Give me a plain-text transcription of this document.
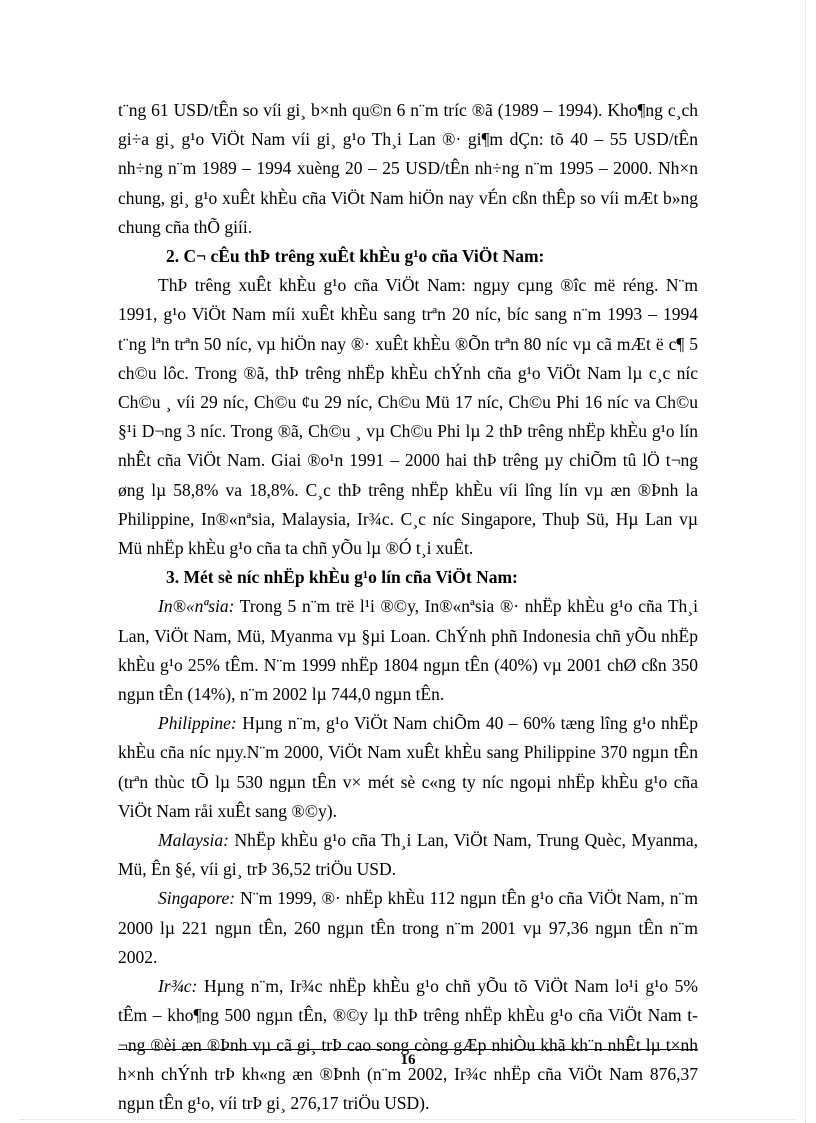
t¨ng 61 USD/tÊn so víi gi¸ b×nh qu©n 6 n¨m tríc ®ã (1989 – 1994). Kho¶ng c¸ch gi÷a gi¸ g¹o ViÖt Nam víi gi¸ g¹o Th¸i Lan ®· gi¶m dÇn: tõ 40 – 55 USD/tÊn nh÷ng n¨m 1989 – 1994 xuèng 20 – 25 USD/tÊn nh÷ng n¨m 1995 – 2000. Nh×n chung, gi¸ g¹o xuÊt khÈu cña ViÖt Nam hiÖn nay vÉn cßn thÊp so víi mÆt b»ng chung cña thÕ giíi.

2. C¬ cÊu thÞ trêng xuÊt khÈu g¹o cña ViÖt Nam:

ThÞ trêng xuÊt khÈu g¹o cña ViÖt Nam: ngµy cµng ®îc më réng. N¨m 1991, g¹o ViÖt Nam míi xuÊt khÈu sang trªn 20 níc, bíc sang n¨m 1993 – 1994 t¨ng lªn trªn 50 níc, vµ hiÖn nay ®· xuÊt khÈu ®Õn trªn 80 níc vµ cã mÆt ë c¶ 5 ch©u lôc. Trong ®ã, thÞ trêng nhËp khÈu chÝnh cña g¹o ViÖt Nam lµ c¸c níc Ch©u ¸ víi 29 níc, Ch©u ¢u 29 níc, Ch©u Mü 17 níc, Ch©u Phi 16 níc va Ch©u §¹i D¬ng 3 níc. Trong ®ã, Ch©u ¸ vµ Ch©u Phi lµ 2 thÞ trêng nhËp khÈu g¹o lín nhÊt cña ViÖt Nam. Giai ®o¹n 1991 – 2000 hai thÞ trêng µy chiÕm tû lÖ t¬ng øng lµ 58,8% va 18,8%. C¸c thÞ trêng nhËp khÈu víi lîng lín vµ æn ®Þnh la Philippine, In®«nªsia, Malaysia, Ir¾c. C¸c níc Singapore, Thuþ Sü, Hµ Lan vµ Mü nhËp khÈu g¹o cña ta chñ yÕu lµ ®Ó t¸i xuÊt.

3. Mét sè níc nhËp khÈu g¹o lín cña ViÖt Nam:

In®«nªsia: Trong 5 n¨m trë l¹i ®©y, In®«nªsia ®· nhËp khÈu g¹o cña Th¸i Lan, ViÖt Nam, Mü, Myanma vµ §µi Loan. ChÝnh phñ Indonesia chñ yÕu nhËp khÈu g¹o 25% tÊm. N¨m 1999 nhËp 1804 ngµn tÊn (40%) vµ 2001 chØ cßn 350 ngµn tÊn (14%), n¨m 2002 lµ 744,0 ngµn tÊn.

Philippine: Hµng n¨m, g¹o ViÖt Nam chiÕm 40 – 60% tæng lîng g¹o nhËp khÈu cña níc nµy.N¨m 2000, ViÖt Nam xuÊt khÈu sang Philippine 370 ngµn tÊn (trªn thùc tÕ lµ 530 ngµn tÊn v× mét sè c«ng ty níc ngoµi nhËp khÈu g¹o cña ViÖt Nam råi xuÊt sang ®©y).

Malaysia: NhËp khÈu g¹o cña Th¸i Lan, ViÖt Nam, Trung Quèc, Myanma, Mü, Ên §é, víi gi¸ trÞ 36,52 triÖu USD.

Singapore: N¨m 1999, ®· nhËp khÈu 112 ngµn tÊn g¹o cña ViÖt Nam, n¨m 2000 lµ 221 ngµn tÊn, 260 ngµn tÊn trong n¨m 2001 vµ 97,36 ngµn tÊn n¨m 2002.

Ir¾c: Hµng n¨m, Ir¾c nhËp khÈu g¹o chñ yÕu tõ ViÖt Nam lo¹i g¹o 5% tÊm – kho¶ng 500 ngµn tÊn, ®©y lµ thÞ trêng nhËp khÈu g¹o cña ViÖt Nam t¬ng ®èi æn ®Þnh vµ cã gi¸ trÞ cao song còng gÆp nhiÒu khã kh¨n nhÊt lµ t×nh h×nh chÝnh trÞ kh«ng æn ®Þnh (n¨m 2002, Ir¾c nhËp cña ViÖt Nam 876,37 ngµn tÊn g¹o, víi trÞ gi¸ 276,17 triÖu USD).

16
